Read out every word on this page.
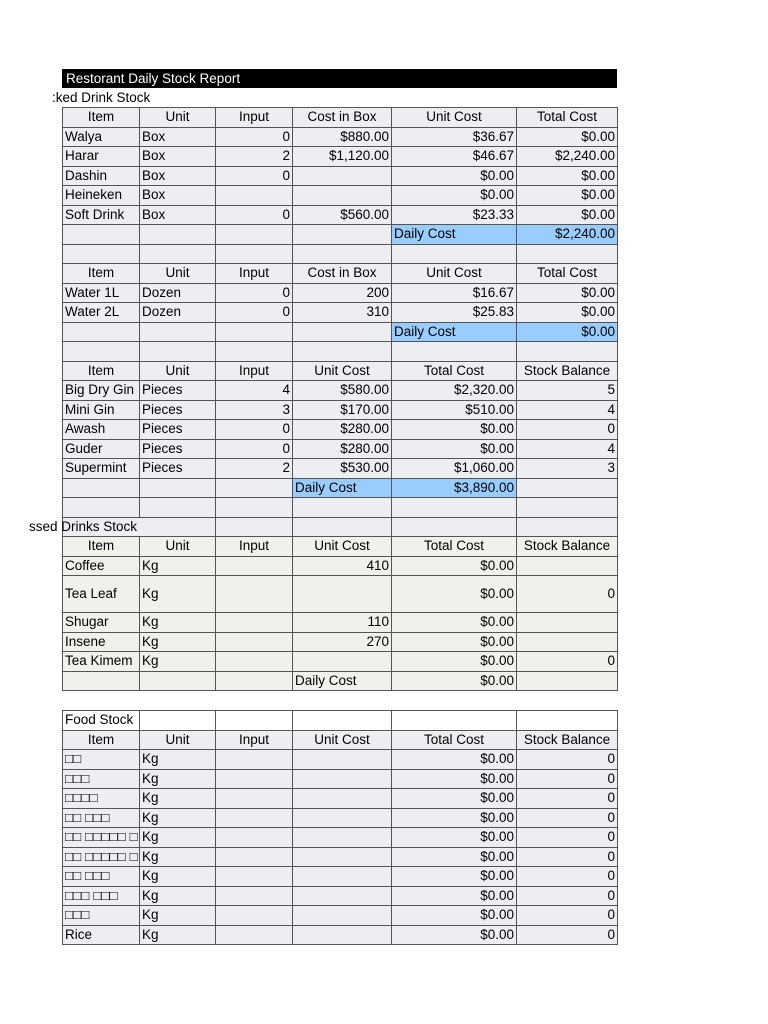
Restorant Daily Stock Report
:ked Drink Stock
Item	Unit	Input	Cost in Box	Unit Cost	Total Cost
Walya	Box	0	$880.00	$36.67	$0.00
Harar	Box	2	$1,120.00	$46.67	$2,240.00
Dashin	Box	0		$0.00	$0.00
Heineken	Box			$0.00	$0.00
Soft Drink	Box	0	$560.00	$23.33	$0.00
				Daily Cost	$2,240.00

Item	Unit	Input	Cost in Box	Unit Cost	Total Cost
Water 1L	Dozen	0	200	$16.67	$0.00
Water 2L	Dozen	0	310	$25.83	$0.00
				Daily Cost	$0.00

Item	Unit	Input	Unit Cost	Total Cost	Stock Balance
Big Dry Gin	Pieces	4	$580.00	$2,320.00	5
Mini Gin	Pieces	3	$170.00	$510.00	4
Awash	Pieces	0	$280.00	$0.00	0
Guder	Pieces	0	$280.00	$0.00	4
Supermint	Pieces	2	$530.00	$1,060.00	3
			Daily Cost	$3,890.00	

ssed Drinks Stock					

Item	Unit	Input	Unit Cost	Total Cost	Stock Balance
Coffee	Kg		410	$0.00	
Tea Leaf	Kg			$0.00	0
Shugar	Kg		110	$0.00	
Insene	Kg		270	$0.00	
Tea Kimem	Kg			$0.00	0
			Daily Cost	$0.00	
Food Stock					
Item	Unit	Input	Unit Cost	Total Cost	Stock Balance
□□	Kg			$0.00	0
□□□	Kg			$0.00	0
□□□□	Kg			$0.00	0
□□ □□□	Kg			$0.00	0
□□ □□□□□ □	Kg			$0.00	0
□□ □□□□□ □	Kg			$0.00	0
□□ □□□	Kg			$0.00	0
□□□ □□□	Kg			$0.00	0
□□□	Kg			$0.00	0
Rice	Kg			$0.00	0
